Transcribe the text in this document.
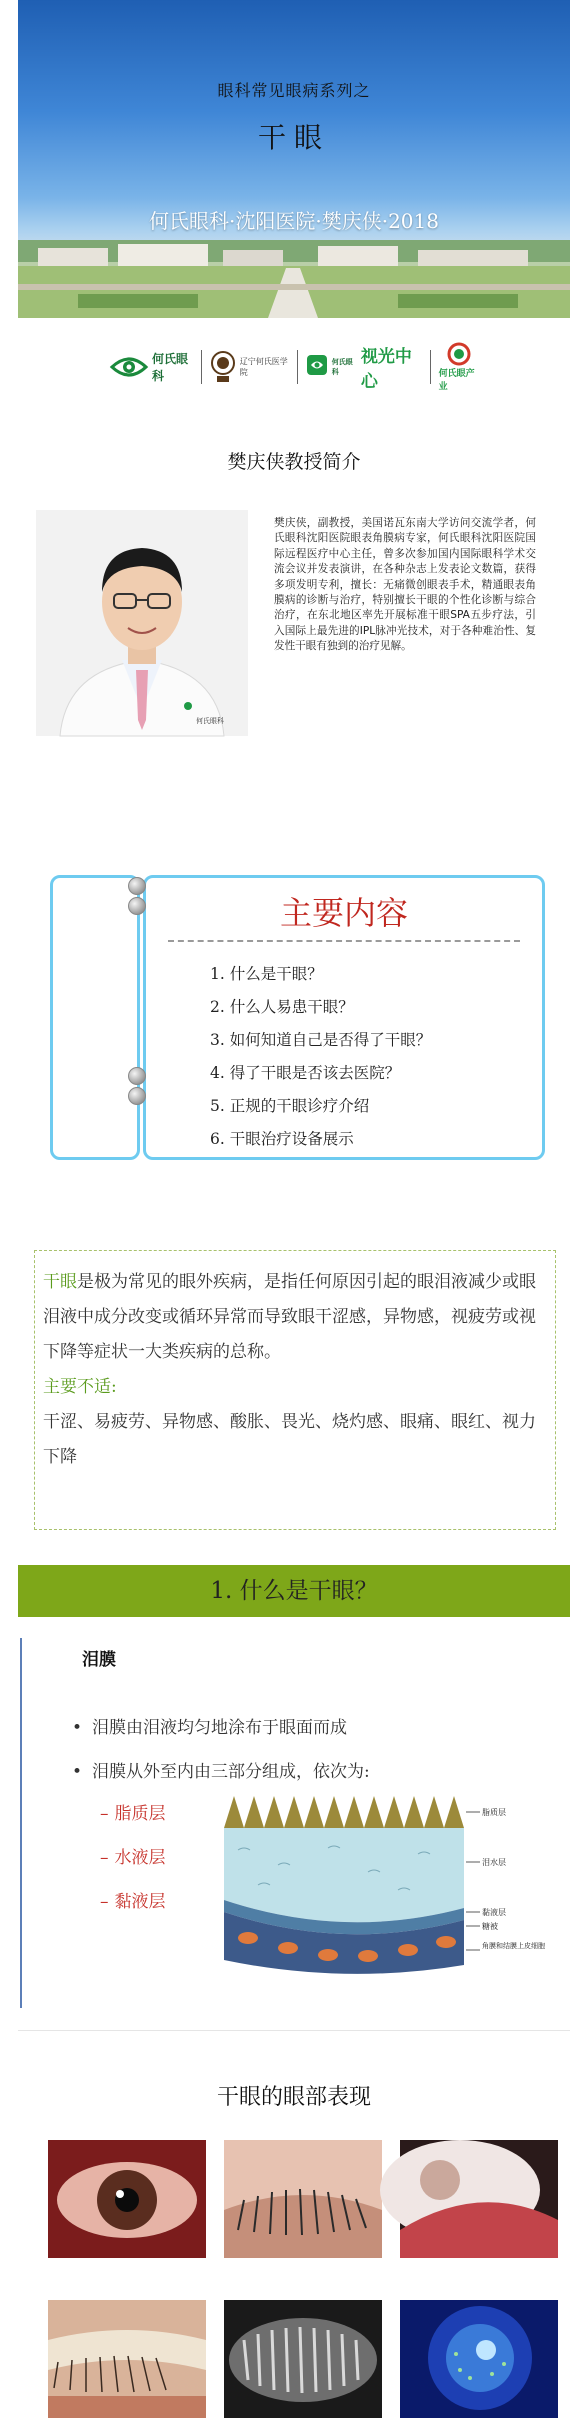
眼科常见眼病系列之
干眼
何氏眼科·沈阳医院·樊庆侠·2018
何氏眼科
辽宁何氏医学院
何氏眼科
视光中心	何氏眼产业
樊庆侠教授简介
何氏眼科
樊庆侠，副教授，美国诺瓦东南大学访问交流学者，何氏眼科沈阳医院眼表角膜病专家，何氏眼科沈阳医院国际远程医疗中心主任，曾多次参加国内国际眼科学术交流会议并发表演讲，在各种杂志上发表论文数篇，获得多项发明专利，擅长：无痛微创眼表手术，精通眼表角膜病的诊断与治疗，特别擅长干眼的个性化诊断与综合治疗，在东北地区率先开展标准干眼SPA五步疗法，引入国际上最先进的IPL脉冲光技术，对于各种难治性、复发性干眼有独到的治疗见解。
主要内容
1. 什么是干眼？
2. 什么人易患干眼？
3. 如何知道自己是否得了干眼？
4. 得了干眼是否该去医院？
5. 正规的干眼诊疗介绍
6. 干眼治疗设备展示
干眼是极为常见的眼外疾病，是指任何原因引起的眼泪液减少或眼泪液中成分改变或循环异常而导致眼干涩感，异物感，视疲劳或视下降等症状一大类疾病的总称。
主要不适:
干涩、易疲劳、异物感、酸胀、畏光、烧灼感、眼痛、眼红、视力下降
1. 什么是干眼？
泪膜
• 泪膜由泪液均匀地涂布于眼面而成
• 泪膜从外至内由三部分组成，依次为:
– 脂质层
– 水液层
– 黏液层
脂质层
泪水层
黏液层
糖被
角膜和结膜上皮细胞
干眼的眼部表现
